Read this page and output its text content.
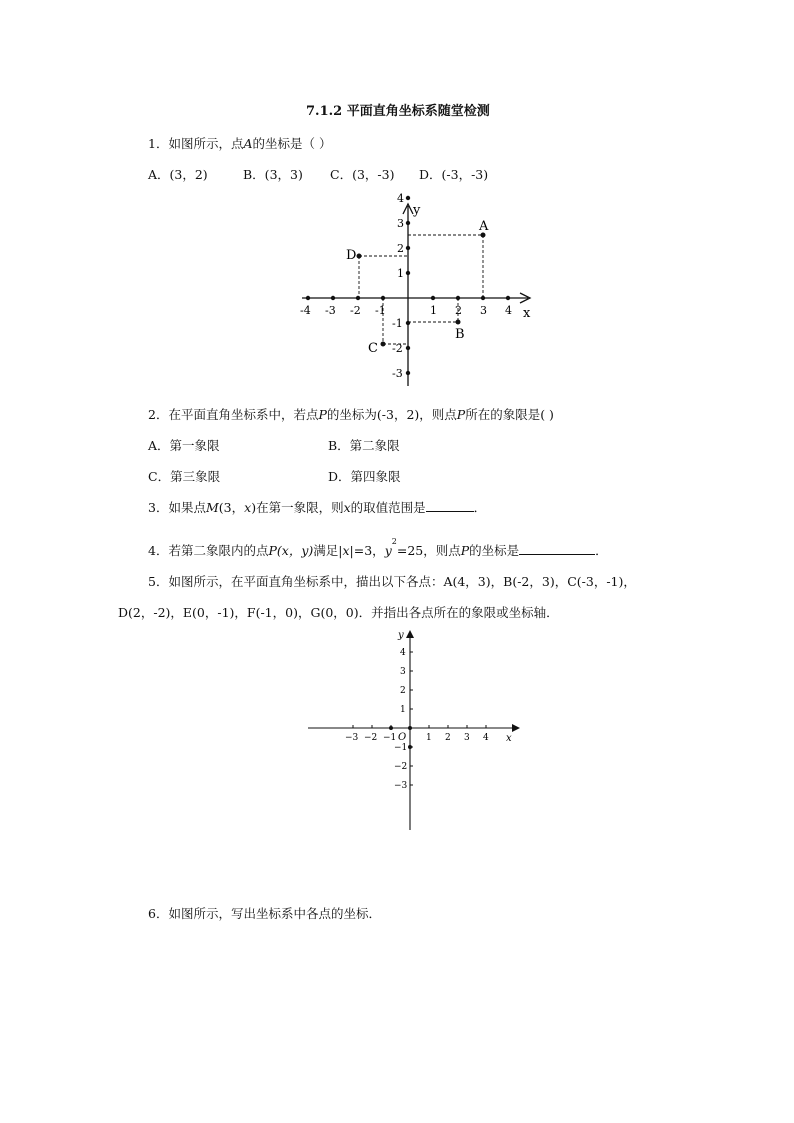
7.1.2 平面直角坐标系随堂检测
1．如图所示，点A的坐标是（ ）
A．(3，2)	B．(3，3) C．(3，-3) D．(-3，-3)
-4 -3 -2 -1	1 2 3 4
4
3
2
1
-1
-2
-3
A
D
B
C
x
y
2．在平面直角坐标系中，若点P的坐标为(-3，2)，则点P所在的象限是( )
A．第一象限	B．第二象限
C．第三象限	D．第四象限
3．如果点M(3，x)在第一象限，则x的取值范围是	．
4．若第二象限内的点P(x，y)满足|x|=3，$y^2=25$，则点P的坐标是	．
5．如图所示，在平面直角坐标系中，描出以下各点：A(4，3)，B(-2，3)，C(-3，-1)，
D(2，-2)，E(0，-1)，F(-1，0)，G(0，0)．并指出各点所在的象限或坐标轴．
−3 −2 −1	1 2 3 4
4
3
2
1
−1
−2
−3
O	x
y
6．如图所示，写出坐标系中各点的坐标．
